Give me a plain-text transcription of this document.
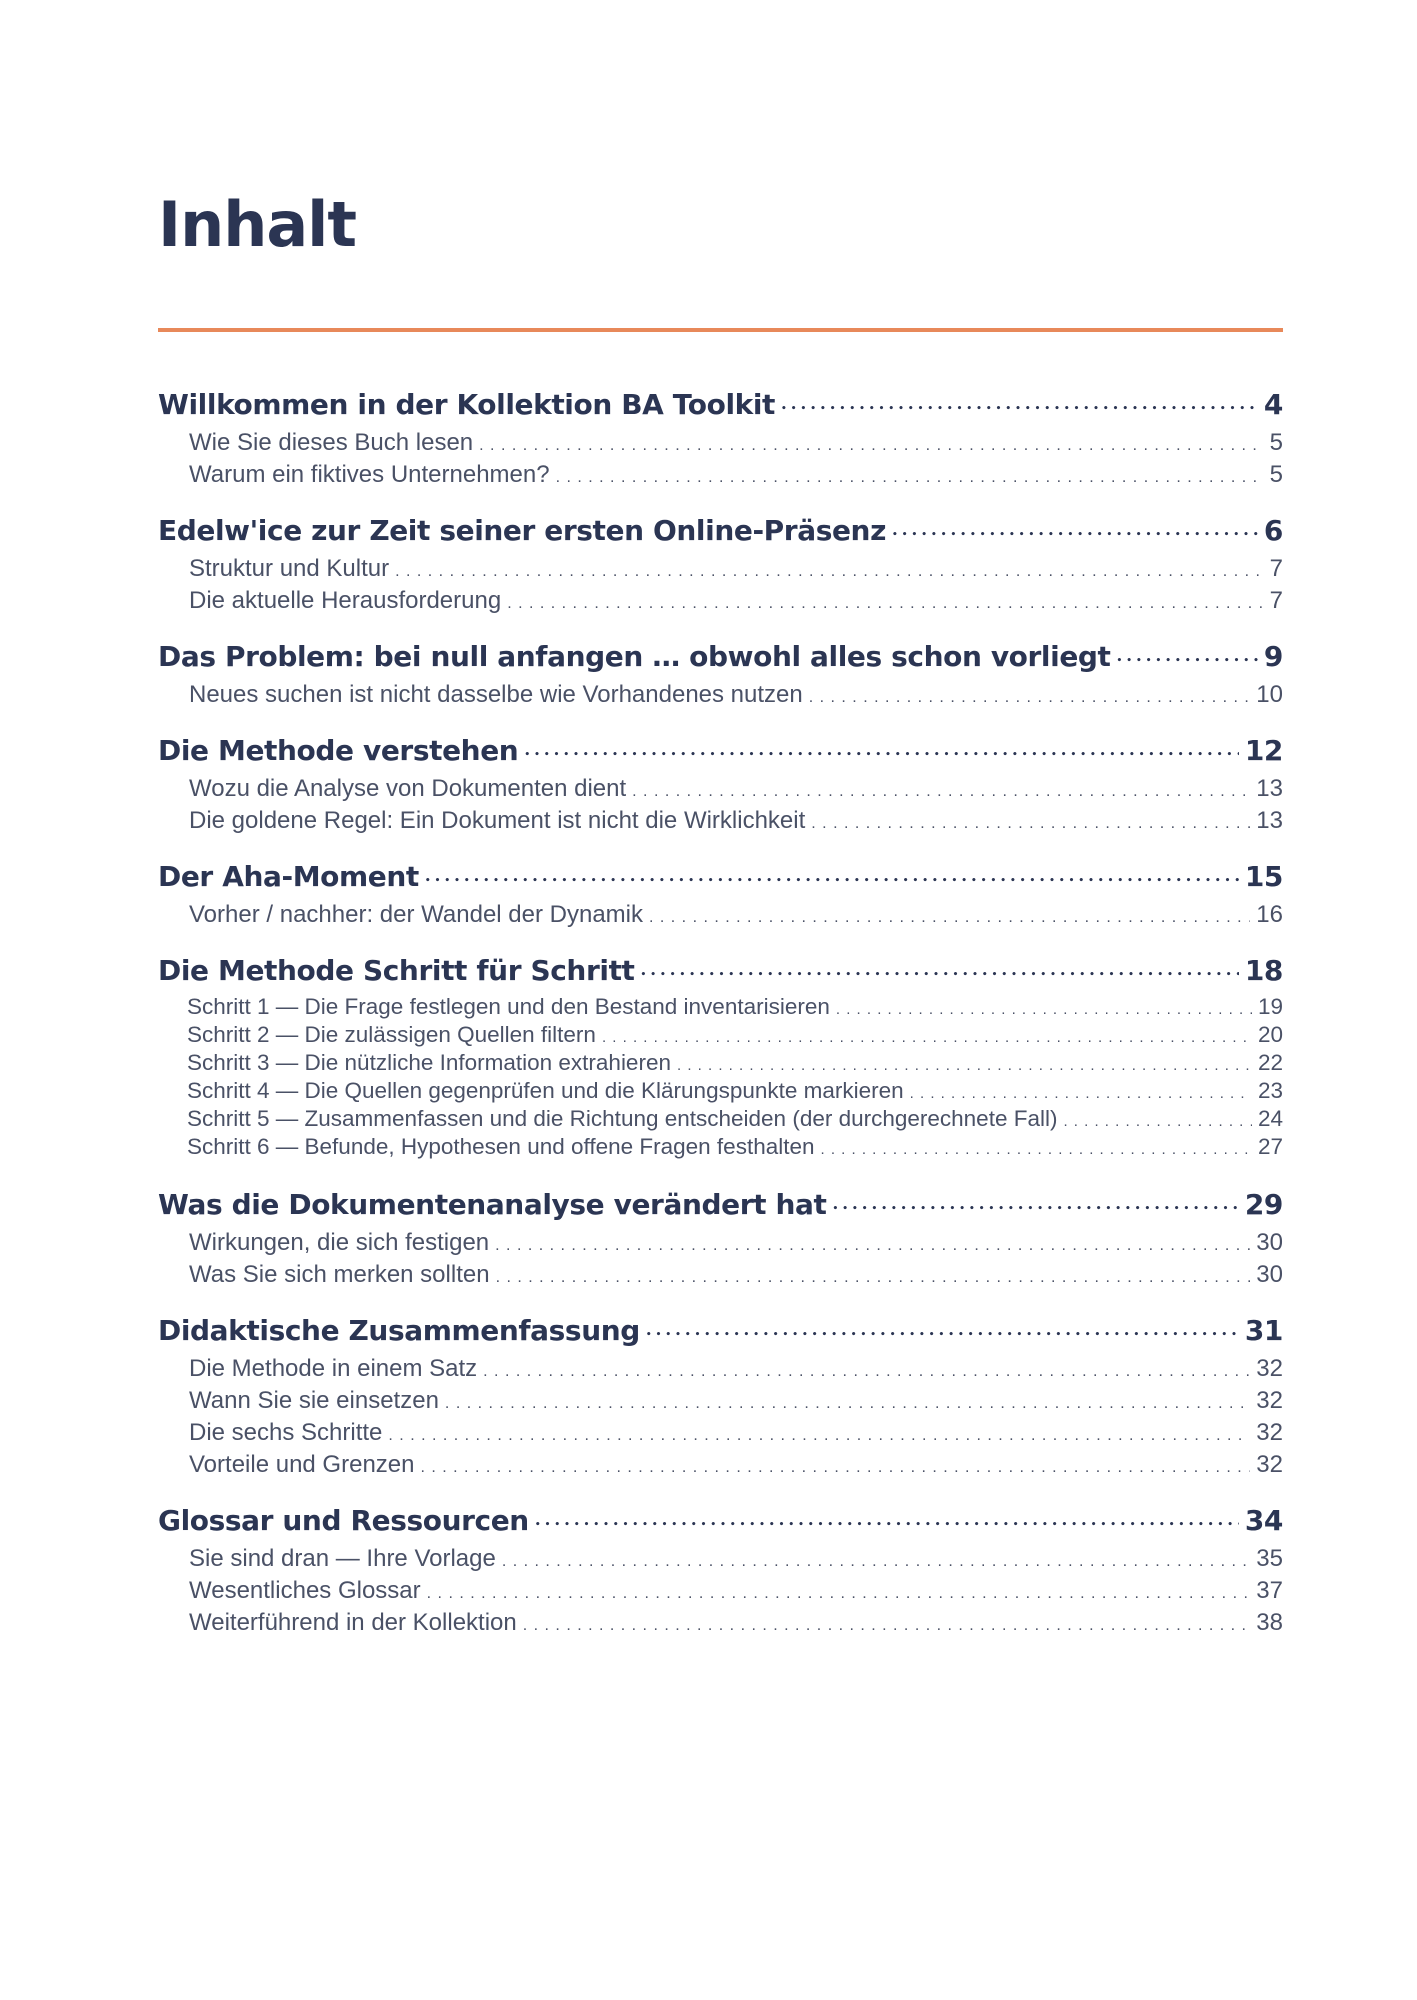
Inhalt
Willkommen in der Kollektion BA Toolkit •••••	4
Wie Sie dieses Buch lesen . . .	5
Warum ein fiktives Unternehmen? . . .	5
Edelw'ice zur Zeit seiner ersten Online-Präsenz •••••	6
Struktur und Kultur . . .	7
Die aktuelle Herausforderung . . .	7
Das Problem: bei null anfangen … obwohl alles schon vorliegt •••••	9
Neues suchen ist nicht dasselbe wie Vorhandenes nutzen . . .	10
Die Methode verstehen •••••	12
Wozu die Analyse von Dokumenten dient . . .	13
Die goldene Regel: Ein Dokument ist nicht die Wirklichkeit . . .	13
Der Aha-Moment •••••	15
Vorher / nachher: der Wandel der Dynamik . . .	16
Die Methode Schritt für Schritt •••••	18
Schritt 1 — Die Frage festlegen und den Bestand inventarisieren . . .	19
Schritt 2 — Die zulässigen Quellen filtern . . .	20
Schritt 3 — Die nützliche Information extrahieren . . .	22
Schritt 4 — Die Quellen gegenprüfen und die Klärungspunkte markieren . . .	23
Schritt 5 — Zusammenfassen und die Richtung entscheiden (der durchgerechnete Fall) . . .	24
Schritt 6 — Befunde, Hypothesen und offene Fragen festhalten . . .	27
Was die Dokumentenanalyse verändert hat •••••	29
Wirkungen, die sich festigen . . .	30
Was Sie sich merken sollten . . .	30
Didaktische Zusammenfassung •••••	31
Die Methode in einem Satz . . .	32
Wann Sie sie einsetzen . . .	32
Die sechs Schritte . . .	32
Vorteile und Grenzen . . .	32
Glossar und Ressourcen •••••	34
Sie sind dran — Ihre Vorlage . . .	35
Wesentliches Glossar . . .	37
Weiterführend in der Kollektion . . .	38
